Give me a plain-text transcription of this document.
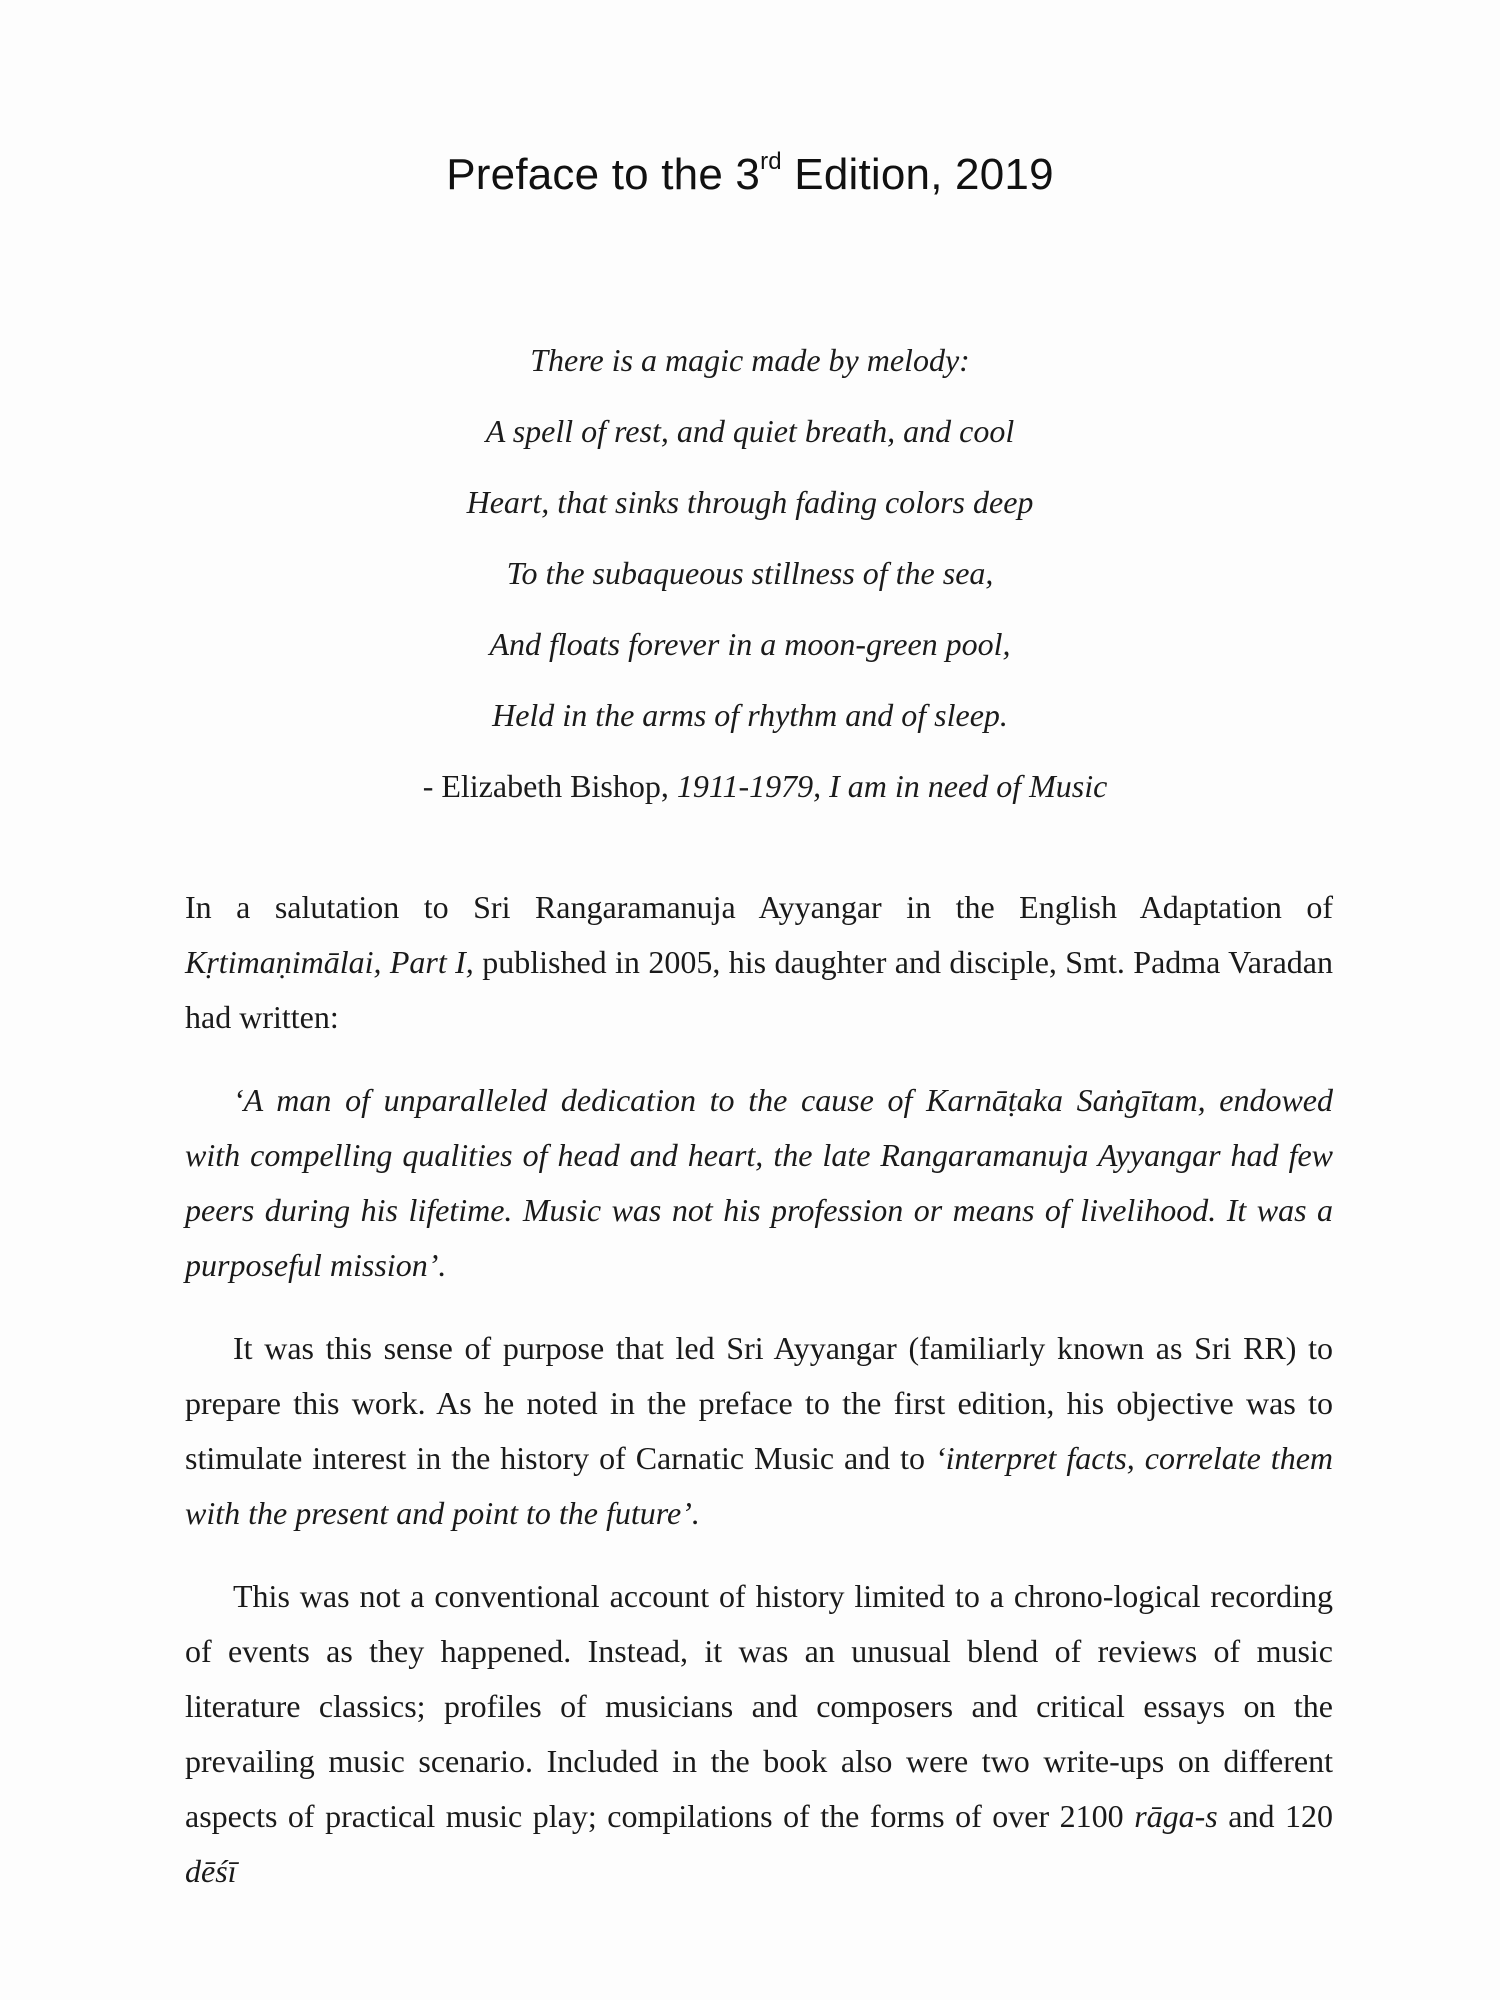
Preface to the 3rd Edition, 2019
There is a magic made by melody:
A spell of rest, and quiet breath, and cool
Heart, that sinks through fading colors deep
To the subaqueous stillness of the sea,
And floats forever in a moon-green pool,
Held in the arms of rhythm and of sleep.
- Elizabeth Bishop, 1911-1979, I am in need of Music

In a salutation to Sri Rangaramanuja Ayyangar in the English Adaptation of Kṛtimaṇimālai, Part I, published in 2005, his daughter and disciple, Smt. Padma Varadan had written:

‘A man of unparalleled dedication to the cause of Karnāṭaka Saṅgītam, endowed with compelling qualities of head and heart, the late Rangaramanuja Ayyangar had few peers during his lifetime. Music was not his profession or means of livelihood. It was a purposeful mission’.

It was this sense of purpose that led Sri Ayyangar (familiarly known as Sri RR) to prepare this work. As he noted in the preface to the first edition, his objective was to stimulate interest in the history of Carnatic Music and to ‘interpret facts, correlate them with the present and point to the future’.

This was not a conventional account of history limited to a chrono-logical recording of events as they happened. Instead, it was an unusual blend of reviews of music literature classics; profiles of musicians and composers and critical essays on the prevailing music scenario. Included in the book also were two write-ups on different aspects of practical music play; compilations of the forms of over 2100 rāga-s and 120 dēśī
